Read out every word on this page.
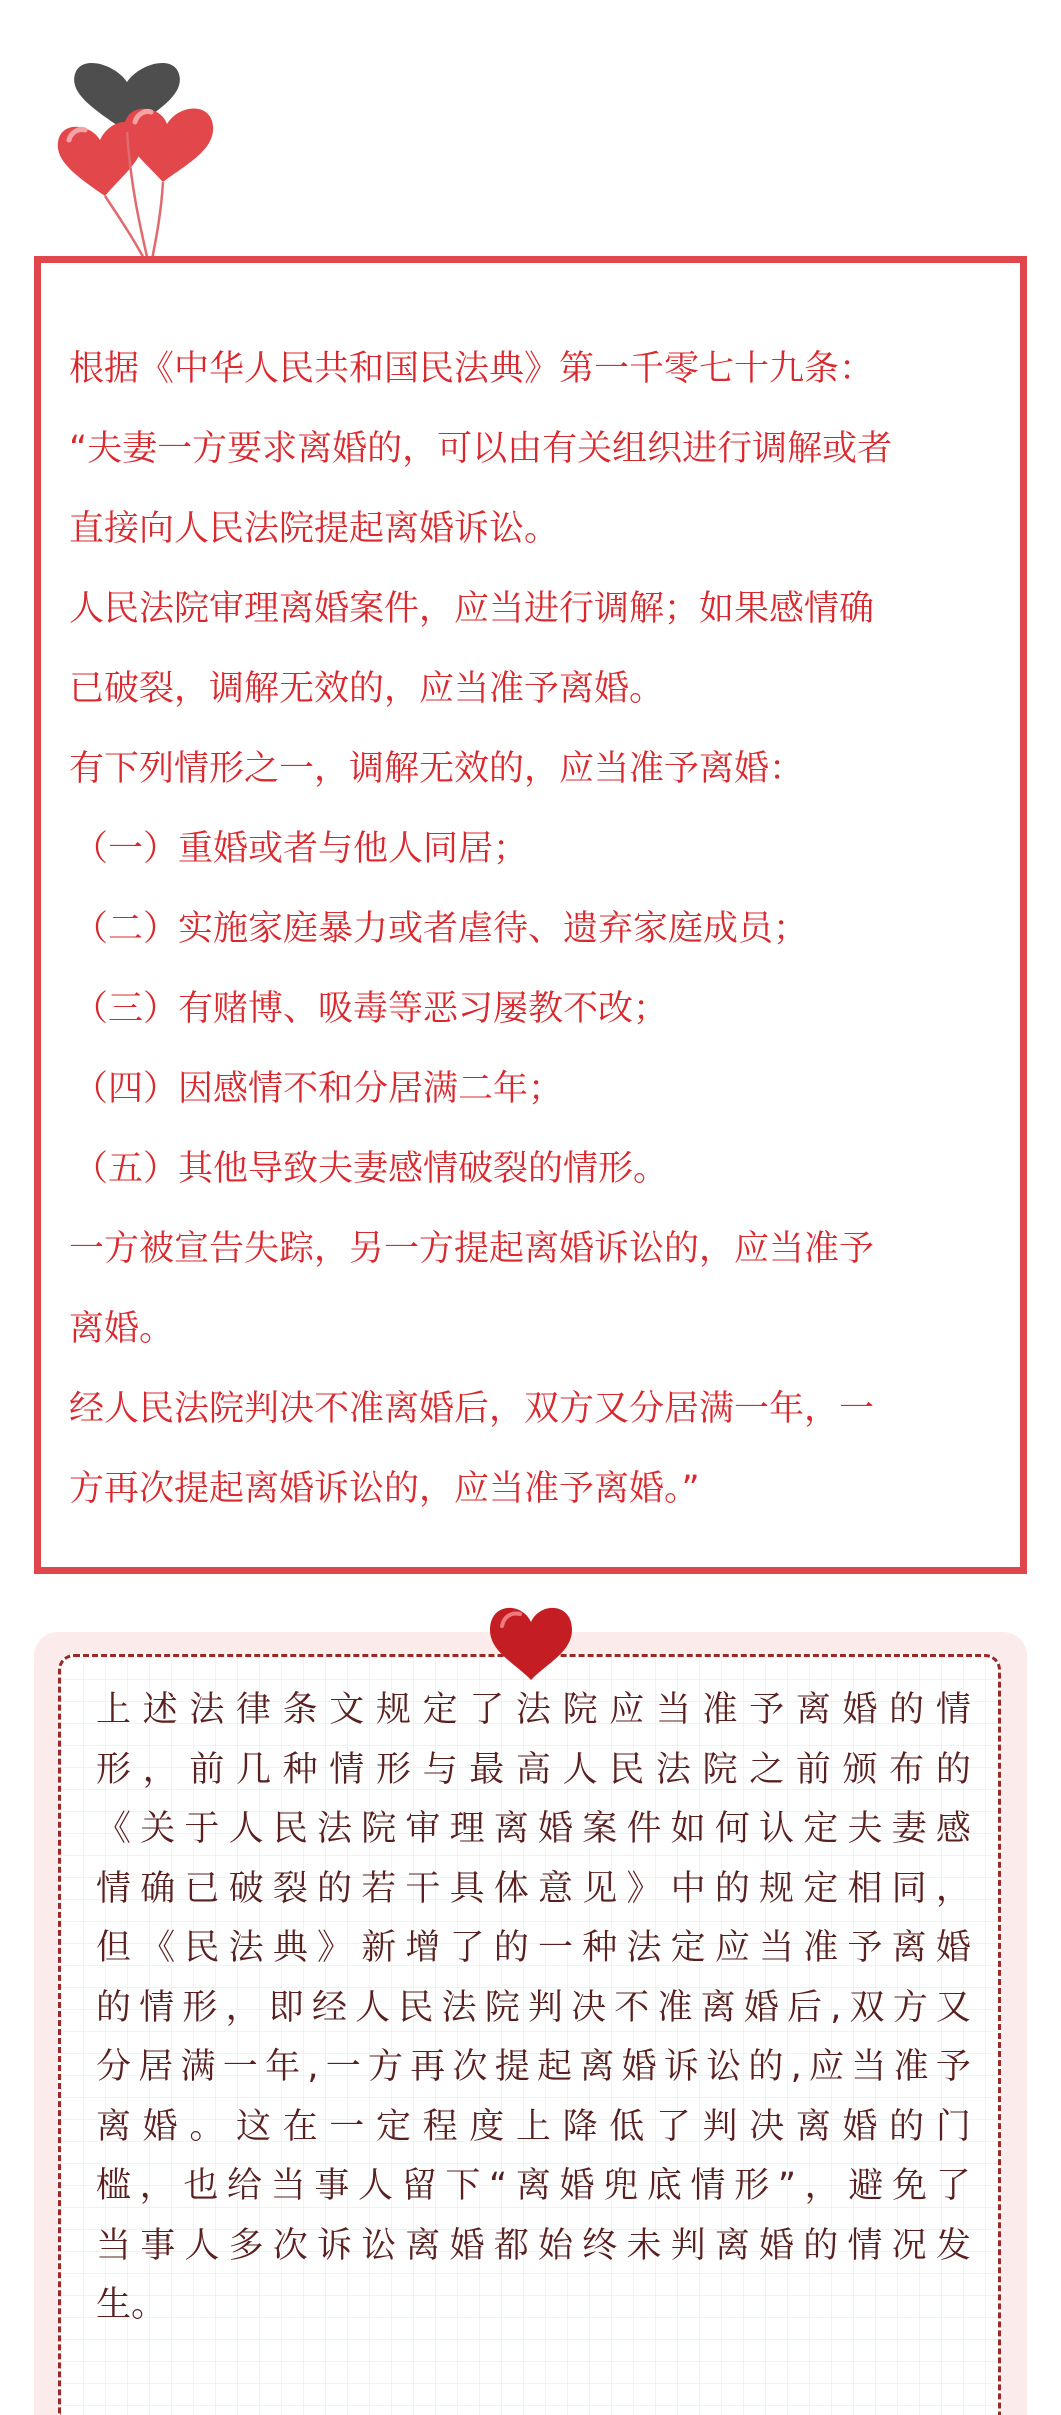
根据《中华人民共和国民法典》第一千零七十九条：

“夫妻一方要求离婚的，可以由有关组织进行调解或者

直接向人民法院提起离婚诉讼。

人民法院审理离婚案件，应当进行调解；如果感情确

已破裂，调解无效的，应当准予离婚。

有下列情形之一，调解无效的，应当准予离婚：

（一）重婚或者与他人同居；

（二）实施家庭暴力或者虐待、遗弃家庭成员；

（三）有赌博、吸毒等恶习屡教不改；

（四）因感情不和分居满二年；

（五）其他导致夫妻感情破裂的情形。

一方被宣告失踪，另一方提起离婚诉讼的，应当准予

离婚。

经人民法院判决不准离婚后，双方又分居满一年，一

方再次提起离婚诉讼的，应当准予离婚。”

上 述 法 律 条 文 规 定 了 法 院 应 当 准 予 离 婚 的 情

形 ， 前 几 种 情 形 与 最 高 人 民 法 院 之 前 颁 布 的

《 关 于 人 民 法 院 审 理 离 婚 案 件 如 何 认 定 夫 妻 感

情 确 已 破 裂 的 若 干 具 体 意 见 》 中 的 规 定 相 同 ，

但 《 民 法 典 》 新 增 了 的 一 种 法 定 应 当 准 予 离 婚

的 情 形 ， 即 经 人 民 法 院 判 决 不 准 离 婚 后 , 双 方 又

分 居 满 一 年 , 一 方 再 次 提 起 离 婚 诉 讼 的 , 应 当 准 予

离 婚 。 这 在 一 定 程 度 上 降 低 了 判 决 离 婚 的 门

槛 ， 也 给 当 事 人 留 下 “ 离 婚 兜 底 情 形 ” ， 避 免 了

当 事 人 多 次 诉 讼 离 婚 都 始 终 未 判 离 婚 的 情 况 发

生。
